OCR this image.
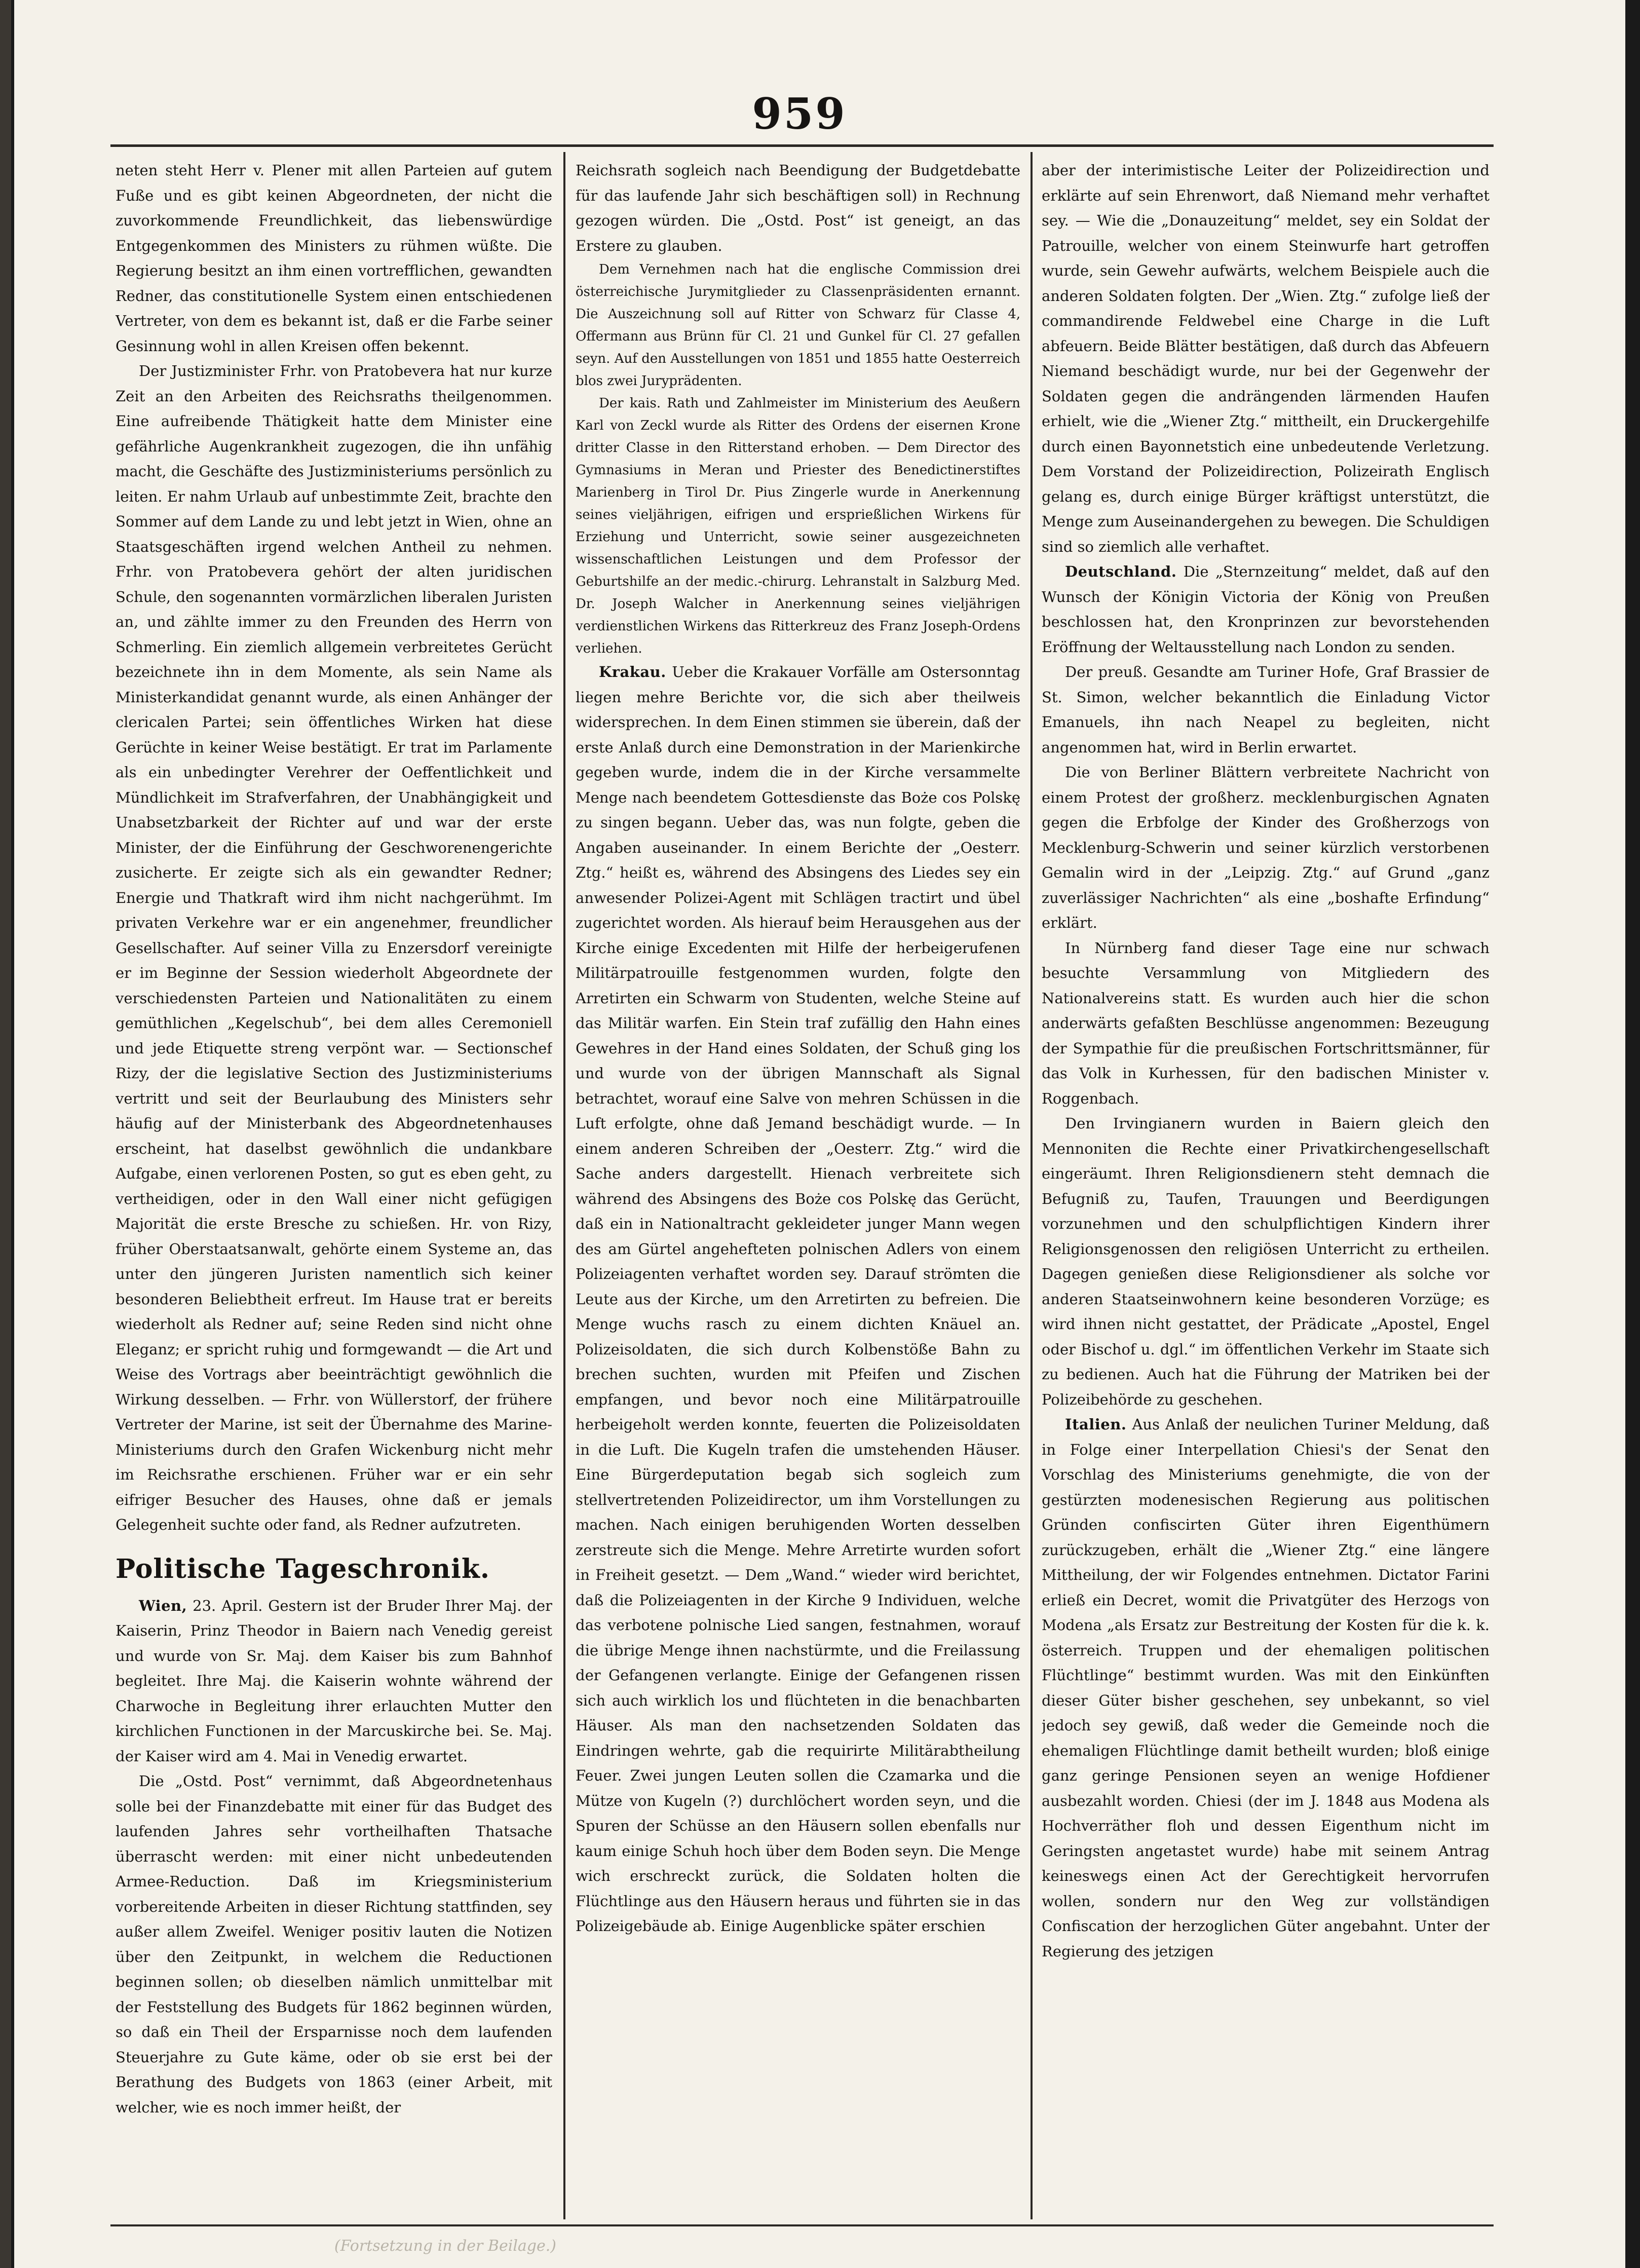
959

neten steht Herr v. Plener mit allen Parteien auf gutem Fuße und es gibt keinen Abgeordneten, der nicht die zuvorkommende Freundlichkeit, das liebenswürdige Entgegenkommen des Ministers zu rühmen wüßte. Die Regierung besitzt an ihm einen vortrefflichen, gewandten Redner, das constitutionelle System einen entschiedenen Vertreter, von dem es bekannt ist, daß er die Farbe seiner Gesinnung wohl in allen Kreisen offen bekennt.

Der Justizminister Frhr. von Pratobevera hat nur kurze Zeit an den Arbeiten des Reichsraths theilgenommen. Eine aufreibende Thätigkeit hatte dem Minister eine gefährliche Augenkrankheit zugezogen, die ihn unfähig macht, die Geschäfte des Justizministeriums persönlich zu leiten. Er nahm Urlaub auf unbestimmte Zeit, brachte den Sommer auf dem Lande zu und lebt jetzt in Wien, ohne an Staatsgeschäften irgend welchen Antheil zu nehmen. Frhr. von Pratobevera gehört der alten juridischen Schule, den sogenannten vormärzlichen liberalen Juristen an, und zählte immer zu den Freunden des Herrn von Schmerling. Ein ziemlich allgemein verbreitetes Gerücht bezeichnete ihn in dem Momente, als sein Name als Ministerkandidat genannt wurde, als einen Anhänger der clericalen Partei; sein öffentliches Wirken hat diese Gerüchte in keiner Weise bestätigt. Er trat im Parlamente als ein unbedingter Verehrer der Oeffentlichkeit und Mündlichkeit im Strafverfahren, der Unabhängigkeit und Unabsetzbarkeit der Richter auf und war der erste Minister, der die Einführung der Geschworenengerichte zusicherte. Er zeigte sich als ein gewandter Redner; Energie und Thatkraft wird ihm nicht nachgerühmt. Im privaten Verkehre war er ein angenehmer, freundlicher Gesellschafter. Auf seiner Villa zu Enzersdorf vereinigte er im Beginne der Session wiederholt Abgeordnete der verschiedensten Parteien und Nationalitäten zu einem gemüthlichen „Kegelschub“, bei dem alles Ceremoniell und jede Etiquette streng verpönt war. — Sectionschef Rizy, der die legislative Section des Justizministeriums vertritt und seit der Beurlaubung des Ministers sehr häufig auf der Ministerbank des Abgeordnetenhauses erscheint, hat daselbst gewöhnlich die undankbare Aufgabe, einen verlorenen Posten, so gut es eben geht, zu vertheidigen, oder in den Wall einer nicht gefügigen Majorität die erste Bresche zu schießen. Hr. von Rizy, früher Oberstaatsanwalt, gehörte einem Systeme an, das unter den jüngeren Juristen namentlich sich keiner besonderen Beliebtheit erfreut. Im Hause trat er bereits wiederholt als Redner auf; seine Reden sind nicht ohne Eleganz; er spricht ruhig und formgewandt — die Art und Weise des Vortrags aber beeinträchtigt gewöhnlich die Wirkung desselben. — Frhr. von Wüllerstorf, der frühere Vertreter der Marine, ist seit der Übernahme des Marine-Ministeriums durch den Grafen Wickenburg nicht mehr im Reichsrathe erschienen. Früher war er ein sehr eifriger Besucher des Hauses, ohne daß er jemals Gelegenheit suchte oder fand, als Redner aufzutreten.

Politische Tageschronik.

Wien, 23. April. Gestern ist der Bruder Ihrer Maj. der Kaiserin, Prinz Theodor in Baiern nach Venedig gereist und wurde von Sr. Maj. dem Kaiser bis zum Bahnhof begleitet. Ihre Maj. die Kaiserin wohnte während der Charwoche in Begleitung ihrer erlauchten Mutter den kirchlichen Functionen in der Marcuskirche bei. Se. Maj. der Kaiser wird am 4. Mai in Venedig erwartet.

Die „Ostd. Post“ vernimmt, daß Abgeordnetenhaus solle bei der Finanzdebatte mit einer für das Budget des laufenden Jahres sehr vortheilhaften Thatsache überrascht werden: mit einer nicht unbedeutenden Armee-Reduction. Daß im Kriegsministerium vorbereitende Arbeiten in dieser Richtung stattfinden, sey außer allem Zweifel. Weniger positiv lauten die Notizen über den Zeitpunkt, in welchem die Reductionen beginnen sollen; ob dieselben nämlich unmittelbar mit der Feststellung des Budgets für 1862 beginnen würden, so daß ein Theil der Ersparnisse noch dem laufenden Steuerjahre zu Gute käme, oder ob sie erst bei der Berathung des Budgets von 1863 (einer Arbeit, mit welcher, wie es noch immer heißt, der

Reichsrath sogleich nach Beendigung der Budgetdebatte für das laufende Jahr sich beschäftigen soll) in Rechnung gezogen würden. Die „Ostd. Post“ ist geneigt, an das Erstere zu glauben.

Dem Vernehmen nach hat die englische Commission drei österreichische Jurymitglieder zu Classenpräsidenten ernannt. Die Auszeichnung soll auf Ritter von Schwarz für Classe 4, Offermann aus Brünn für Cl. 21 und Gunkel für Cl. 27 gefallen seyn. Auf den Ausstellungen von 1851 und 1855 hatte Oesterreich blos zwei Juryprädenten.

Der kais. Rath und Zahlmeister im Ministerium des Aeußern Karl von Zeckl wurde als Ritter des Ordens der eisernen Krone dritter Classe in den Ritterstand erhoben. — Dem Director des Gymnasiums in Meran und Priester des Benedictinerstiftes Marienberg in Tirol Dr. Pius Zingerle wurde in Anerkennung seines vieljährigen, eifrigen und ersprießlichen Wirkens für Erziehung und Unterricht, sowie seiner ausgezeichneten wissenschaftlichen Leistungen und dem Professor der Geburtshilfe an der medic.-chirurg. Lehranstalt in Salzburg Med. Dr. Joseph Walcher in Anerkennung seines vieljährigen verdienstlichen Wirkens das Ritterkreuz des Franz Joseph-Ordens verliehen.

Krakau. Ueber die Krakauer Vorfälle am Ostersonntag liegen mehre Berichte vor, die sich aber theilweis widersprechen. In dem Einen stimmen sie überein, daß der erste Anlaß durch eine Demonstration in der Marienkirche gegeben wurde, indem die in der Kirche versammelte Menge nach beendetem Gottesdienste das Boże cos Polskę zu singen begann. Ueber das, was nun folgte, geben die Angaben auseinander. In einem Berichte der „Oesterr. Ztg.“ heißt es, während des Absingens des Liedes sey ein anwesender Polizei-Agent mit Schlägen tractirt und übel zugerichtet worden. Als hierauf beim Herausgehen aus der Kirche einige Excedenten mit Hilfe der herbeigerufenen Militärpatrouille festgenommen wurden, folgte den Arretirten ein Schwarm von Studenten, welche Steine auf das Militär warfen. Ein Stein traf zufällig den Hahn eines Gewehres in der Hand eines Soldaten, der Schuß ging los und wurde von der übrigen Mannschaft als Signal betrachtet, worauf eine Salve von mehren Schüssen in die Luft erfolgte, ohne daß Jemand beschädigt wurde. — In einem anderen Schreiben der „Oesterr. Ztg.“ wird die Sache anders dargestellt. Hienach verbreitete sich während des Absingens des Boże cos Polskę das Gerücht, daß ein in Nationaltracht gekleideter junger Mann wegen des am Gürtel angehefteten polnischen Adlers von einem Polizeiagenten verhaftet worden sey. Darauf strömten die Leute aus der Kirche, um den Arretirten zu befreien. Die Menge wuchs rasch zu einem dichten Knäuel an. Polizeisoldaten, die sich durch Kolbenstöße Bahn zu brechen suchten, wurden mit Pfeifen und Zischen empfangen, und bevor noch eine Militärpatrouille herbeigeholt werden konnte, feuerten die Polizeisoldaten in die Luft. Die Kugeln trafen die umstehenden Häuser. Eine Bürgerdeputation begab sich sogleich zum stellvertretenden Polizeidirector, um ihm Vorstellungen zu machen. Nach einigen beruhigenden Worten desselben zerstreute sich die Menge. Mehre Arretirte wurden sofort in Freiheit gesetzt. — Dem „Wand.“ wieder wird berichtet, daß die Polizeiagenten in der Kirche 9 Individuen, welche das verbotene polnische Lied sangen, festnahmen, worauf die übrige Menge ihnen nachstürmte, und die Freilassung der Gefangenen verlangte. Einige der Gefangenen rissen sich auch wirklich los und flüchteten in die benachbarten Häuser. Als man den nachsetzenden Soldaten das Eindringen wehrte, gab die requirirte Militärabtheilung Feuer. Zwei jungen Leuten sollen die Czamarka und die Mütze von Kugeln (?) durchlöchert worden seyn, und die Spuren der Schüsse an den Häusern sollen ebenfalls nur kaum einige Schuh hoch über dem Boden seyn. Die Menge wich erschreckt zurück, die Soldaten holten die Flüchtlinge aus den Häusern heraus und führten sie in das Polizeigebäude ab. Einige Augenblicke später erschien

aber der interimistische Leiter der Polizeidirection und erklärte auf sein Ehrenwort, daß Niemand mehr verhaftet sey. — Wie die „Donauzeitung“ meldet, sey ein Soldat der Patrouille, welcher von einem Steinwurfe hart getroffen wurde, sein Gewehr aufwärts, welchem Beispiele auch die anderen Soldaten folgten. Der „Wien. Ztg.“ zufolge ließ der commandirende Feldwebel eine Charge in die Luft abfeuern. Beide Blätter bestätigen, daß durch das Abfeuern Niemand beschädigt wurde, nur bei der Gegenwehr der Soldaten gegen die andrängenden lärmenden Haufen erhielt, wie die „Wiener Ztg.“ mittheilt, ein Druckergehilfe durch einen Bayonnetstich eine unbedeutende Verletzung. Dem Vorstand der Polizeidirection, Polizeirath Englisch gelang es, durch einige Bürger kräftigst unterstützt, die Menge zum Auseinandergehen zu bewegen. Die Schuldigen sind so ziemlich alle verhaftet.

Deutschland. Die „Sternzeitung“ meldet, daß auf den Wunsch der Königin Victoria der König von Preußen beschlossen hat, den Kronprinzen zur bevorstehenden Eröffnung der Weltausstellung nach London zu senden.

Der preuß. Gesandte am Turiner Hofe, Graf Brassier de St. Simon, welcher bekanntlich die Einladung Victor Emanuels, ihn nach Neapel zu begleiten, nicht angenommen hat, wird in Berlin erwartet.

Die von Berliner Blättern verbreitete Nachricht von einem Protest der großherz. mecklenburgischen Agnaten gegen die Erbfolge der Kinder des Großherzogs von Mecklenburg-Schwerin und seiner kürzlich verstorbenen Gemalin wird in der „Leipzig. Ztg.“ auf Grund „ganz zuverlässiger Nachrichten“ als eine „boshafte Erfindung“ erklärt.

In Nürnberg fand dieser Tage eine nur schwach besuchte Versammlung von Mitgliedern des Nationalvereins statt. Es wurden auch hier die schon anderwärts gefaßten Beschlüsse angenommen: Bezeugung der Sympathie für die preußischen Fortschrittsmänner, für das Volk in Kurhessen, für den badischen Minister v. Roggenbach.

Den Irvingianern wurden in Baiern gleich den Mennoniten die Rechte einer Privatkirchengesellschaft eingeräumt. Ihren Religionsdienern steht demnach die Befugniß zu, Taufen, Trauungen und Beerdigungen vorzunehmen und den schulpflichtigen Kindern ihrer Religionsgenossen den religiösen Unterricht zu ertheilen. Dagegen genießen diese Religionsdiener als solche vor anderen Staatseinwohnern keine besonderen Vorzüge; es wird ihnen nicht gestattet, der Prädicate „Apostel, Engel oder Bischof u. dgl.“ im öffentlichen Verkehr im Staate sich zu bedienen. Auch hat die Führung der Matriken bei der Polizeibehörde zu geschehen.

Italien. Aus Anlaß der neulichen Turiner Meldung, daß in Folge einer Interpellation Chiesi's der Senat den Vorschlag des Ministeriums genehmigte, die von der gestürzten modenesischen Regierung aus politischen Gründen confiscirten Güter ihren Eigenthümern zurückzugeben, erhält die „Wiener Ztg.“ eine längere Mittheilung, der wir Folgendes entnehmen. Dictator Farini erließ ein Decret, womit die Privatgüter des Herzogs von Modena „als Ersatz zur Bestreitung der Kosten für die k. k. österreich. Truppen und der ehemaligen politischen Flüchtlinge“ bestimmt wurden. Was mit den Einkünften dieser Güter bisher geschehen, sey unbekannt, so viel jedoch sey gewiß, daß weder die Gemeinde noch die ehemaligen Flüchtlinge damit betheilt wurden; bloß einige ganz geringe Pensionen seyen an wenige Hofdiener ausbezahlt worden. Chiesi (der im J. 1848 aus Modena als Hochverräther floh und dessen Eigenthum nicht im Geringsten angetastet wurde) habe mit seinem Antrag keineswegs einen Act der Gerechtigkeit hervorrufen wollen, sondern nur den Weg zur vollständigen Confiscation der herzoglichen Güter angebahnt. Unter der Regierung des jetzigen

(Fortsetzung in der Beilage.)
